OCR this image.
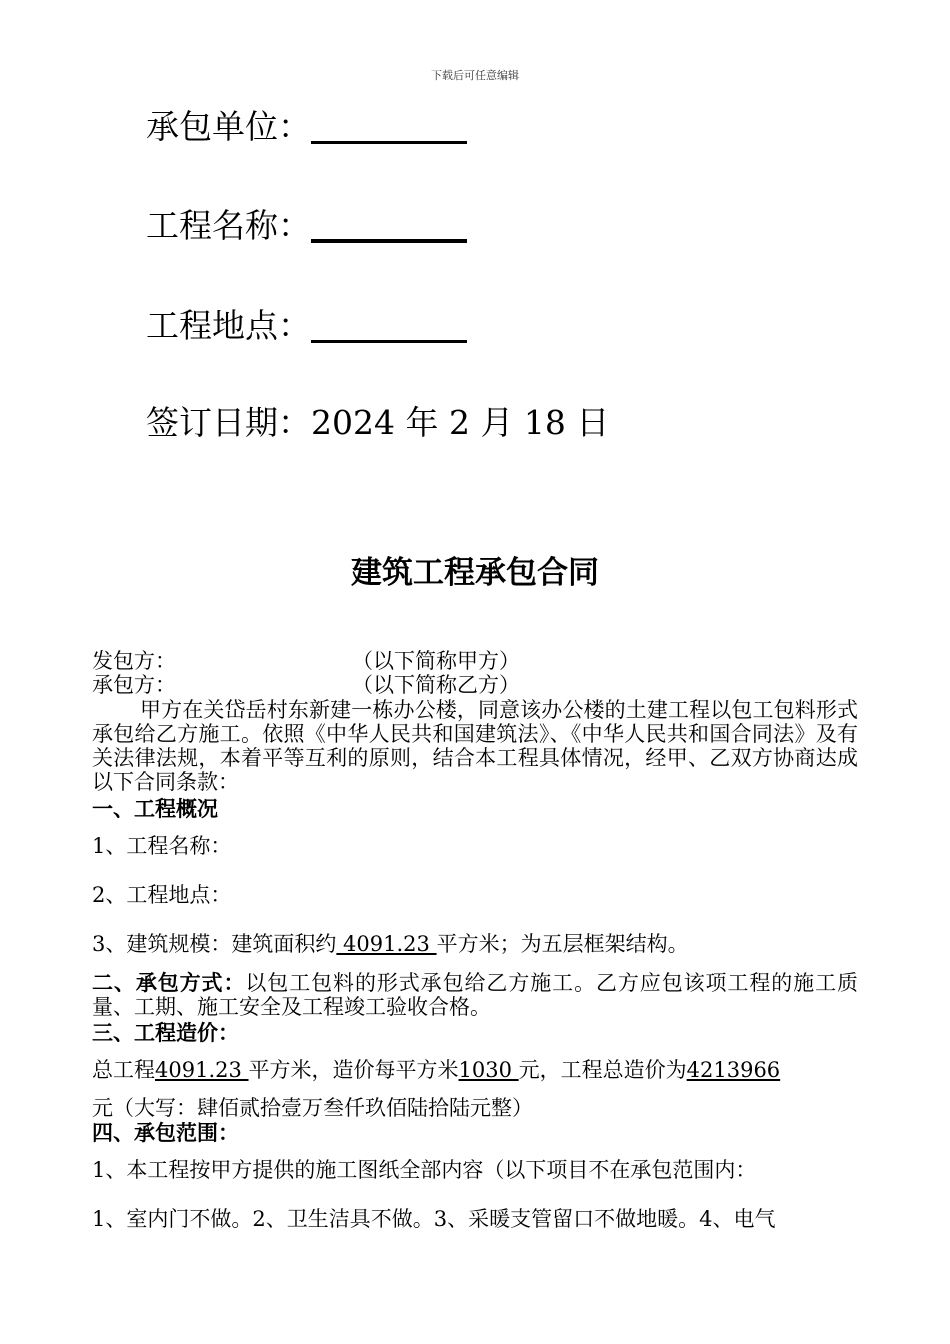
下载后可任意编辑
承包单位：
工程名称：
工程地点：
签订日期：2024 年 2 月 18 日
建筑工程承包合同
发包方：	（以下简称甲方）
承包方：	（以下简称乙方）
甲方在关岱岳村东新建一栋办公楼，同意该办公楼的土建工程以包工包料形式承包给乙方施工。依照《中华人民共和国建筑法》、《中华人民共和国合同法》及有关法律法规，本着平等互利的原则，结合本工程具体情况，经甲、乙双方协商达成以下合同条款：
一、工程概况
1、工程名称：
2、工程地点：
3、建筑规模：建筑面积约 4091.23 平方米；为五层框架结构。
二、承包方式：以包工包料的形式承包给乙方施工。乙方应包该项工程的施工质量、工期、施工安全及工程竣工验收合格。
三、工程造价：
总工程4091.23 平方米，造价每平方米1030 元，工程总造价为4213966
元（大写：肆佰贰拾壹万叁仟玖佰陆拾陆元整）
四、承包范围：
1、本工程按甲方提供的施工图纸全部内容（以下项目不在承包范围内：
1、室内门不做。2、卫生洁具不做。3、采暖支管留口不做地暖。4、电气
